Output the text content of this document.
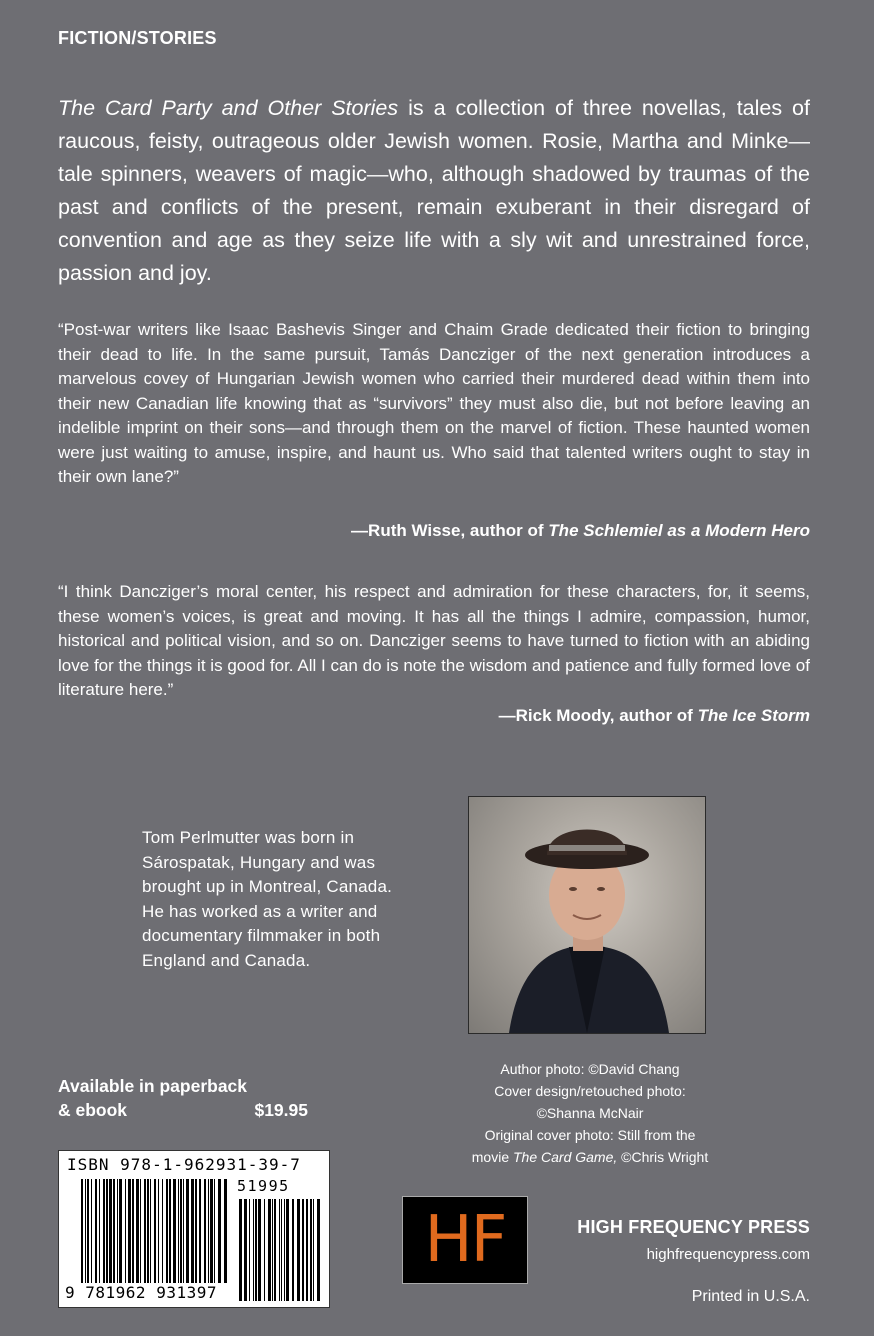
FICTION/STORIES
The Card Party and Other Stories is a collection of three novellas, tales of raucous, feisty, outrageous older Jewish women. Rosie, Martha and Minke—tale spinners, weavers of magic—who, although shadowed by traumas of the past and conflicts of the present, remain exuberant in their disregard of convention and age as they seize life with a sly wit and unrestrained force, passion and joy.
“Post-war writers like Isaac Bashevis Singer and Chaim Grade dedicated their fiction to bringing their dead to life. In the same pursuit, Tamás Dancziger of the next generation introduces a marvelous covey of Hungarian Jewish women who carried their murdered dead within them into their new Canadian life knowing that as “survivors” they must also die, but not before leaving an indelible imprint on their sons—and through them on the marvel of fiction. These haunted women were just waiting to amuse, inspire, and haunt us. Who said that talented writers ought to stay in their own lane?”
—Ruth Wisse, author of The Schlemiel as a Modern Hero
“I think Dancziger’s moral center, his respect and admiration for these characters, for, it seems, these women’s voices, is great and moving. It has all the things I admire, compassion, humor, historical and political vision, and so on. Dancziger seems to have turned to fiction with an abiding love for the things it is good for. All I can do is note the wisdom and patience and fully formed love of literature here.”
—Rick Moody, author of The Ice Storm
Tom Perlmutter was born in Sárospatak, Hungary and was brought up in Montreal, Canada. He has worked as a writer and documentary filmmaker in both England and Canada.
Author photo: ©David Chang
Cover design/retouched photo:
©Shanna McNair
Original cover photo: Still from the
movie The Card Game, ©Chris Wright
Available in paperback
& ebook	$19.95
ISBN 978-1-962931-39-7
51995
9 781962 931397
HF	HIGH FREQUENCY PRESS
highfrequencypress.com
Printed in U.S.A.
